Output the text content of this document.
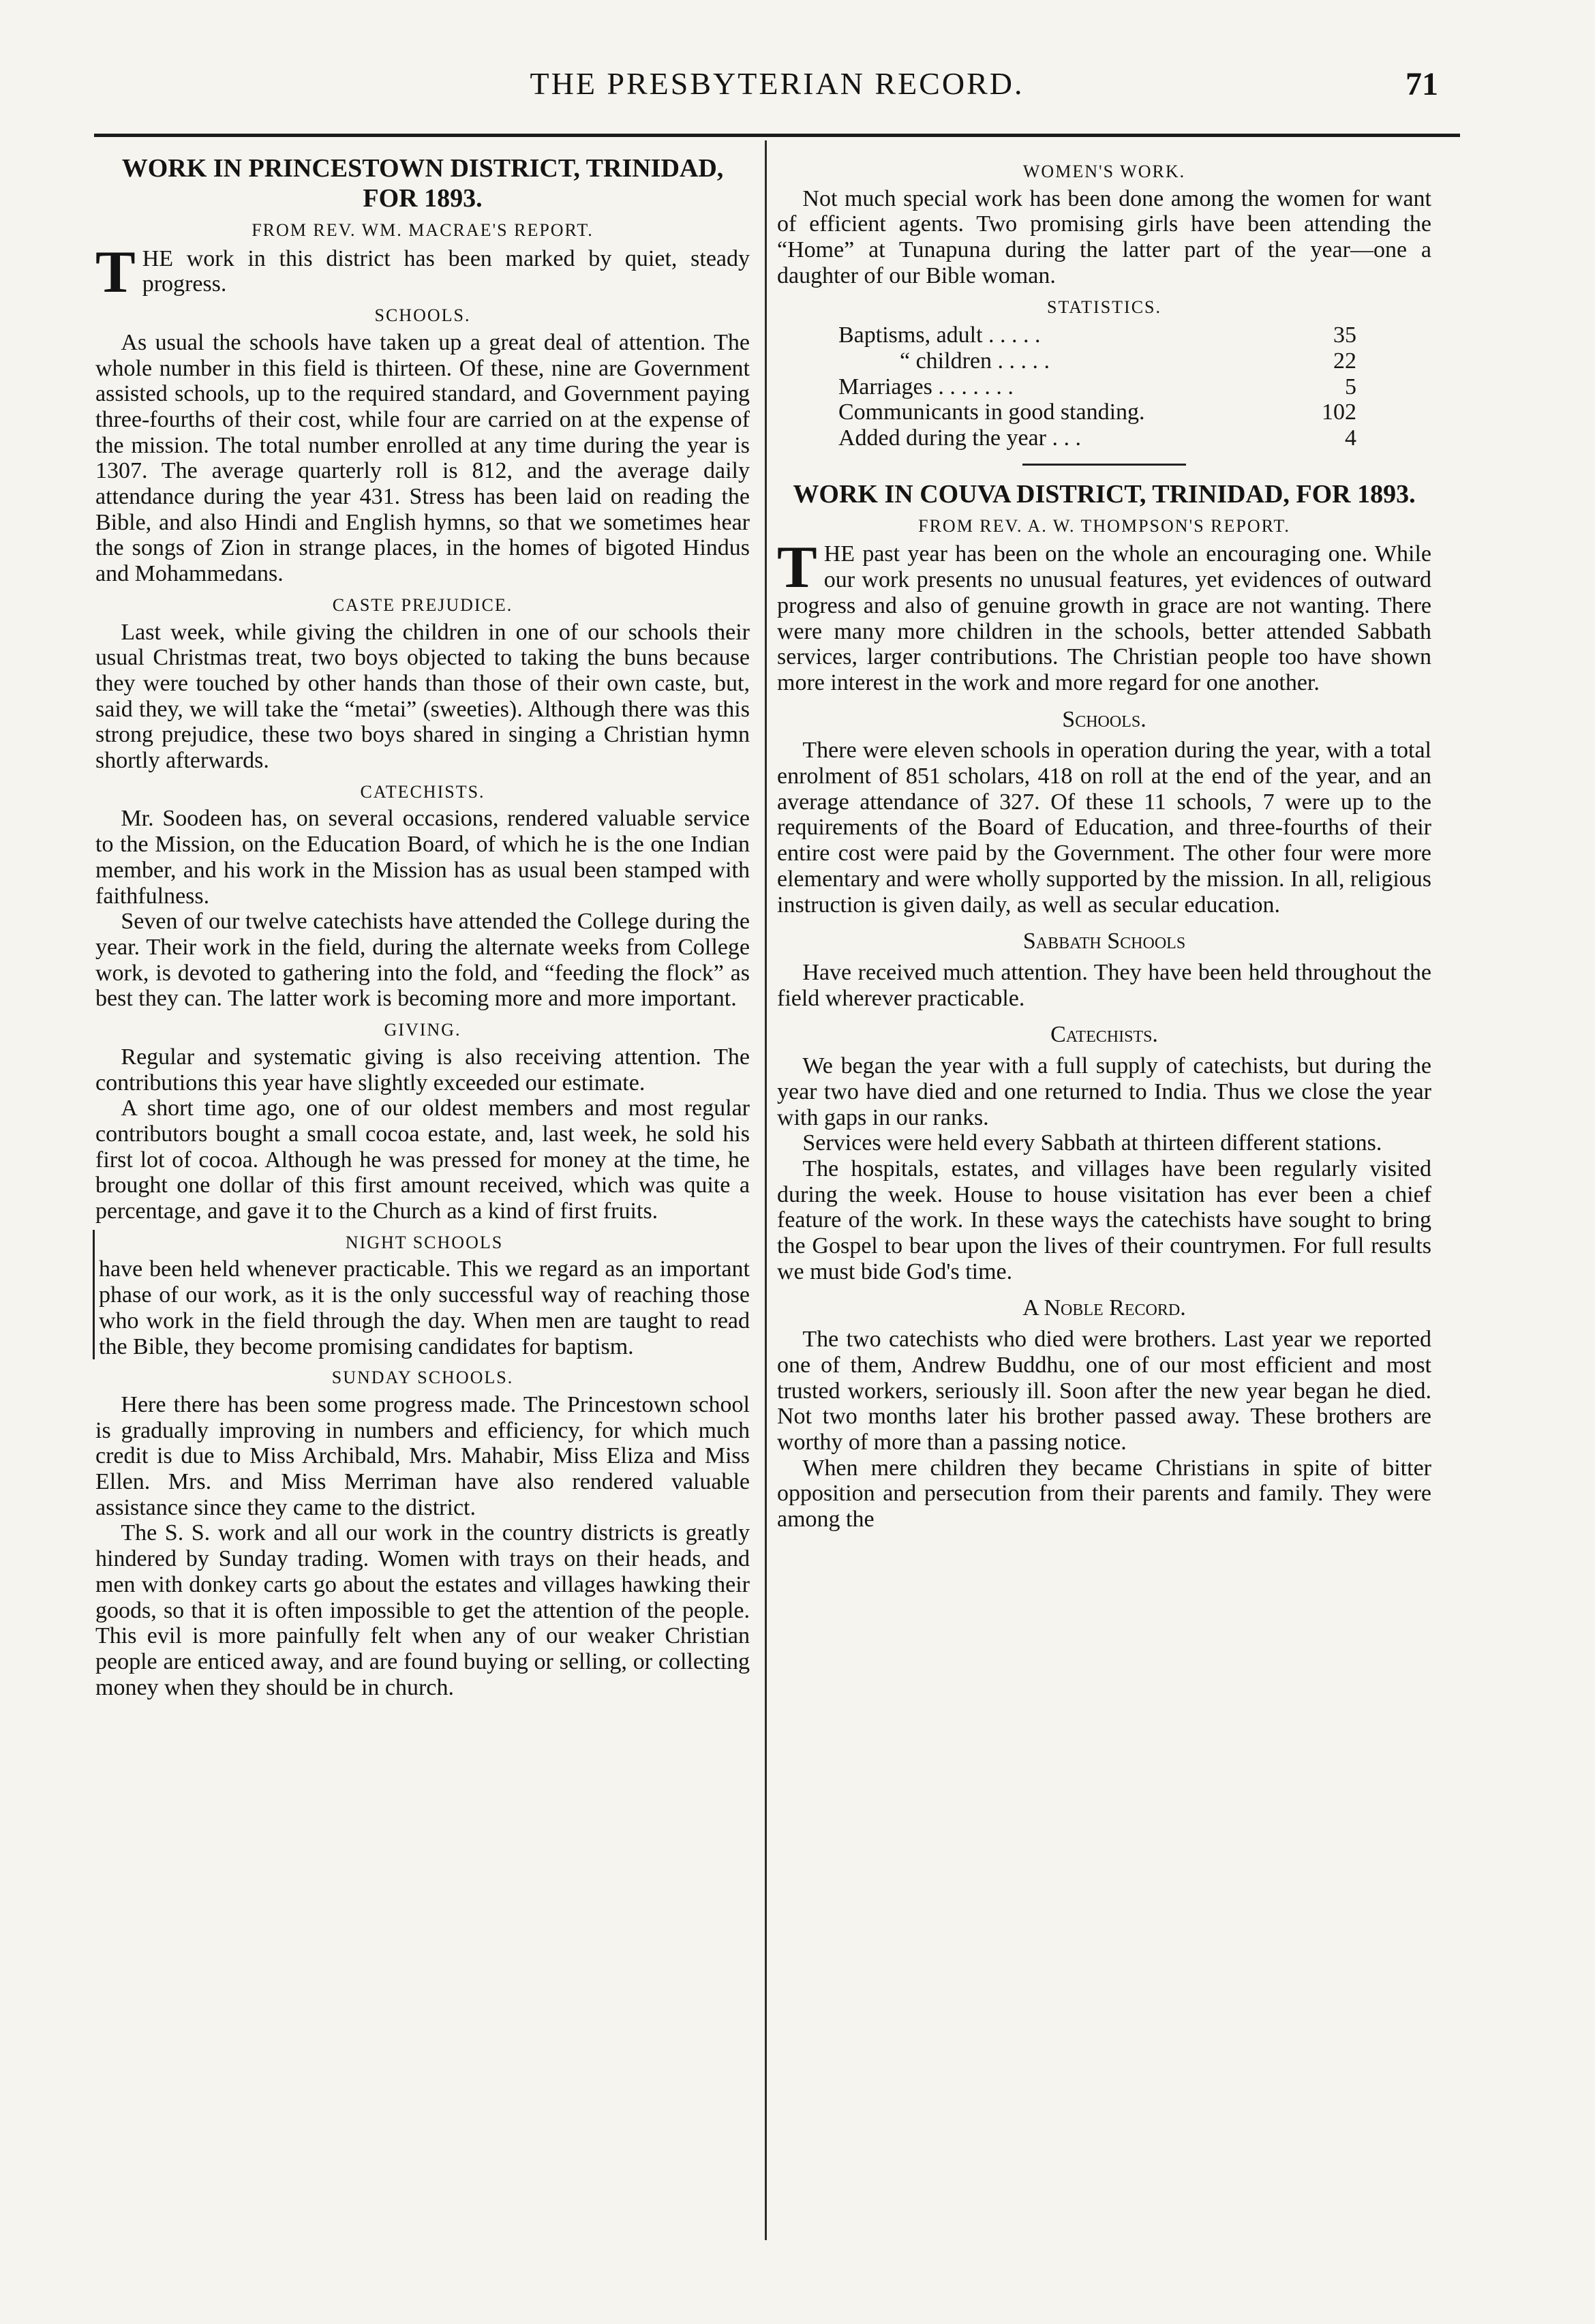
THE PRESBYTERIAN RECORD.	71
WORK IN PRINCESTOWN DISTRICT, TRINIDAD, FOR 1893.
FROM REV. WM. MACRAE'S REPORT.

THE work in this district has been marked by quiet, steady progress.

SCHOOLS.

As usual the schools have taken up a great deal of attention. The whole number in this field is thirteen. Of these, nine are Government assisted schools, up to the required standard, and Government paying three-fourths of their cost, while four are carried on at the expense of the mission. The total number enrolled at any time during the year is 1307. The average quarterly roll is 812, and the average daily attendance during the year 431. Stress has been laid on reading the Bible, and also Hindi and English hymns, so that we sometimes hear the songs of Zion in strange places, in the homes of bigoted Hindus and Mohammedans.

CASTE PREJUDICE.

Last week, while giving the children in one of our schools their usual Christmas treat, two boys objected to taking the buns because they were touched by other hands than those of their own caste, but, said they, we will take the “metai” (sweeties). Although there was this strong prejudice, these two boys shared in singing a Christian hymn shortly afterwards.

CATECHISTS.

Mr. Soodeen has, on several occasions, rendered valuable service to the Mission, on the Education Board, of which he is the one Indian member, and his work in the Mission has as usual been stamped with faithfulness.

Seven of our twelve catechists have attended the College during the year. Their work in the field, during the alternate weeks from College work, is devoted to gathering into the fold, and “feeding the flock” as best they can. The latter work is becoming more and more important.

GIVING.

Regular and systematic giving is also receiving attention. The contributions this year have slightly exceeded our estimate.

A short time ago, one of our oldest members and most regular contributors bought a small cocoa estate, and, last week, he sold his first lot of cocoa. Although he was pressed for money at the time, he brought one dollar of this first amount received, which was quite a percentage, and gave it to the Church as a kind of first fruits.

NIGHT SCHOOLS

have been held whenever practicable. This we regard as an important phase of our work, as it is the only successful way of reaching those who work in the field through the day. When men are taught to read the Bible, they become promising candidates for baptism.

SUNDAY SCHOOLS.

Here there has been some progress made. The Princestown school is gradually improving in numbers and efficiency, for which much credit is due to Miss Archibald, Mrs. Mahabir, Miss Eliza and Miss Ellen. Mrs. and Miss Merriman have also rendered valuable assistance since they came to the district.

The S. S. work and all our work in the country districts is greatly hindered by Sunday trading. Women with trays on their heads, and men with donkey carts go about the estates and villages hawking their goods, so that it is often impossible to get the attention of the people. This evil is more painfully felt when any of our weaker Christian people are enticed away, and are found buying or selling, or collecting money when they should be in church.

WOMEN'S WORK.

Not much special work has been done among the women for want of efficient agents. Two promising girls have been attending the “Home” at Tunapuna during the latter part of the year—one a daughter of our Bible woman.

STATISTICS.
Baptisms, adult . . . . .	35
“ children . . . . .	22
Marriages . . . . . . .	5
Communicants in good standing.	102
Added during the year . . .	4
WORK IN COUVA DISTRICT, TRINIDAD, FOR 1893.
FROM REV. A. W. THOMPSON'S REPORT.

THE past year has been on the whole an encouraging one. While our work presents no unusual features, yet evidences of outward progress and also of genuine growth in grace are not wanting. There were many more children in the schools, better attended Sabbath services, larger contributions. The Christian people too have shown more interest in the work and more regard for one another.

Schools.

There were eleven schools in operation during the year, with a total enrolment of 851 scholars, 418 on roll at the end of the year, and an average attendance of 327. Of these 11 schools, 7 were up to the requirements of the Board of Education, and three-fourths of their entire cost were paid by the Government. The other four were more elementary and were wholly supported by the mission. In all, religious instruction is given daily, as well as secular education.

Sabbath Schools

Have received much attention. They have been held throughout the field wherever practicable.

Catechists.

We began the year with a full supply of catechists, but during the year two have died and one returned to India. Thus we close the year with gaps in our ranks.

Services were held every Sabbath at thirteen different stations.

The hospitals, estates, and villages have been regularly visited during the week. House to house visitation has ever been a chief feature of the work. In these ways the catechists have sought to bring the Gospel to bear upon the lives of their countrymen. For full results we must bide God's time.

A Noble Record.

The two catechists who died were brothers. Last year we reported one of them, Andrew Buddhu, one of our most efficient and most trusted workers, seriously ill. Soon after the new year began he died. Not two months later his brother passed away. These brothers are worthy of more than a passing notice.

When mere children they became Christians in spite of bitter opposition and persecution from their parents and family. They were among the
